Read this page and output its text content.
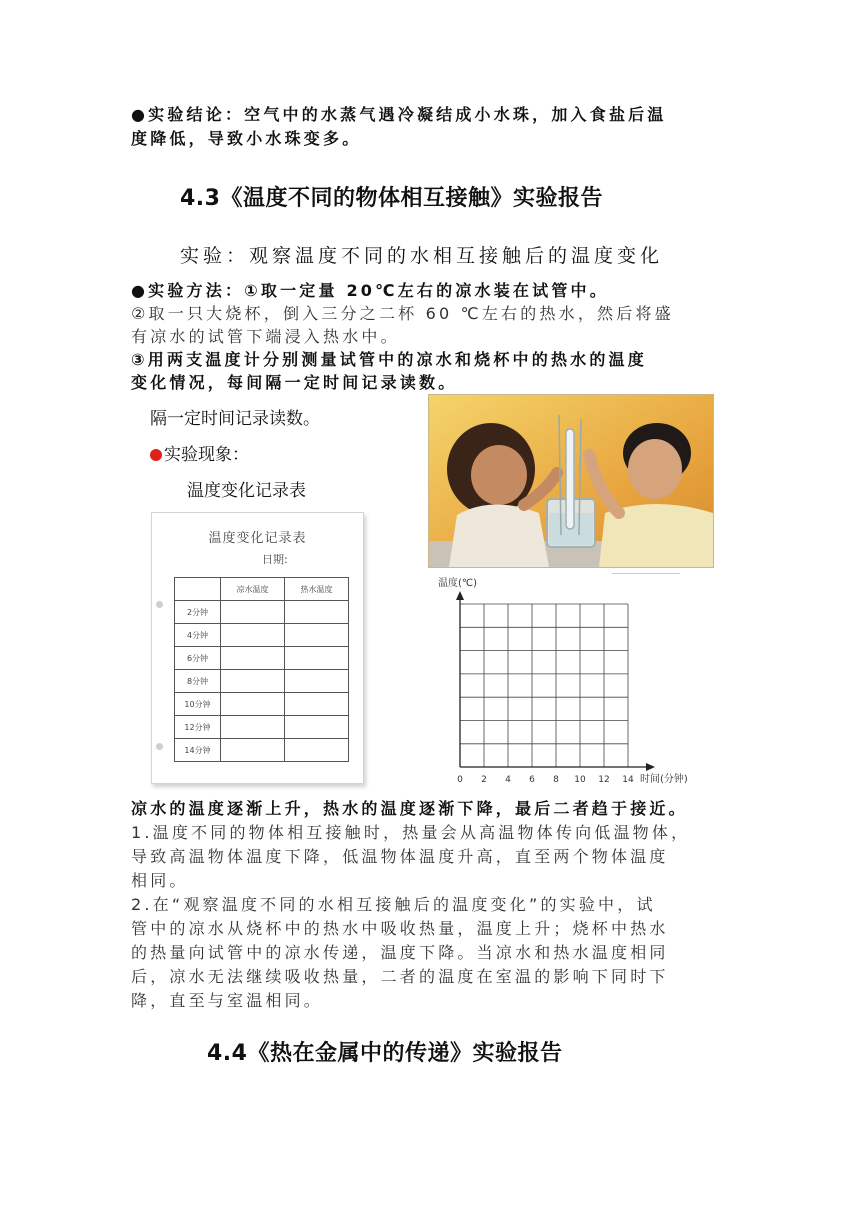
●实验结论：空气中的水蒸气遇冷凝结成小水珠，加入食盐后温
度降低，导致小水珠变多。
4.3《温度不同的物体相互接触》实验报告
实验：观察温度不同的水相互接触后的温度变化
●实验方法：①取一定量 20℃左右的凉水装在试管中。
②取一只大烧杯，倒入三分之二杯 60 ℃左右的热水，然后将盛
有凉水的试管下端浸入热水中。
③用两支温度计分别测量试管中的凉水和烧杯中的热水的温度
变化情况，每间隔一定时间记录读数。
隔一定时间记录读数。
实验现象：
温度变化记录表
温度变化记录表
日期:
	凉水温度	热水温度
2分钟		
4分钟		
6分钟		
8分钟		
10分钟		
12分钟		
14分钟		
温度(℃)
0 2 4 6 8 10 12 14 时间(分钟)
凉水的温度逐渐上升，热水的温度逐渐下降，最后二者趋于接近。
1.温度不同的物体相互接触时，热量会从高温物体传向低温物体，
导致高温物体温度下降，低温物体温度升高，直至两个物体温度
相同。
2.在“观察温度不同的水相互接触后的温度变化”的实验中，试
管中的凉水从烧杯中的热水中吸收热量，温度上升；烧杯中热水
的热量向试管中的凉水传递，温度下降。当凉水和热水温度相同
后，凉水无法继续吸收热量，二者的温度在室温的影响下同时下
降，直至与室温相同。
4.4《热在金属中的传递》实验报告
